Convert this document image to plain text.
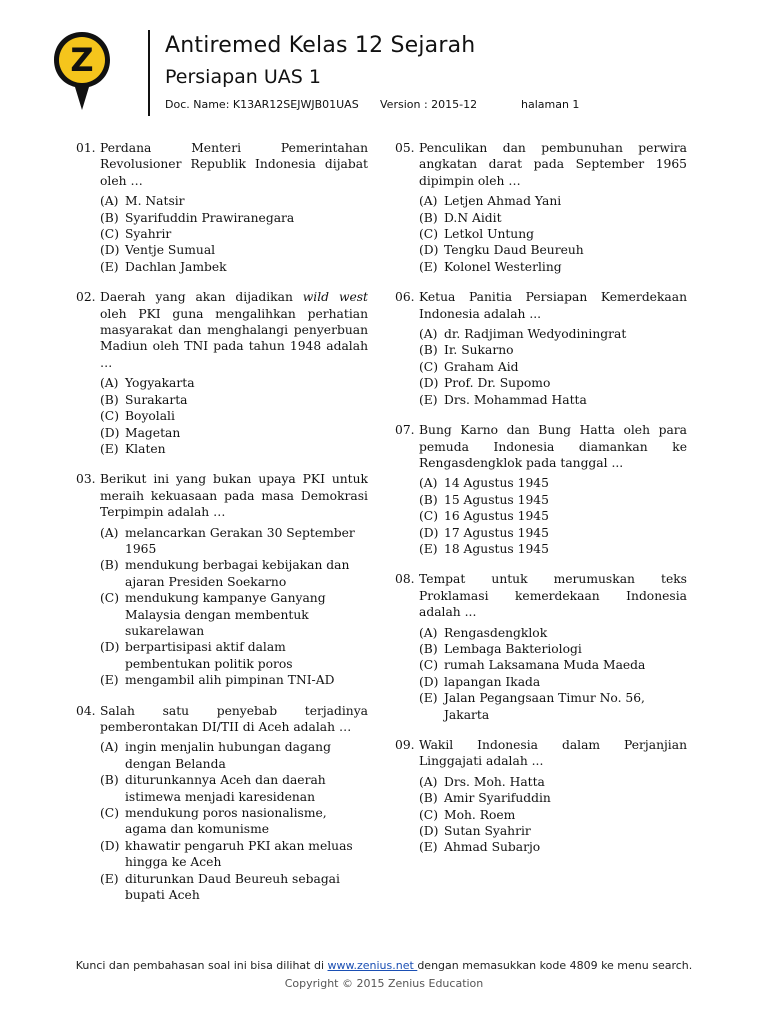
Z	Antiremed Kelas 12 Sejarah
Persiapan UAS 1
Doc. Name: K13AR12SEJWJB01UAS Version : 2015-12	halaman 1
01. Perdana Menteri Pemerintahan Revolusioner Republik Indonesia dijabat oleh …
(A) M. Natsir
(B) Syarifuddin Prawiranegara
(C) Syahrir
(D) Ventje Sumual
(E) Dachlan Jambek
02. Daerah yang akan dijadikan wild west oleh PKI guna mengalihkan perhatian masyarakat dan menghalangi penyerbuan Madiun oleh TNI pada tahun 1948 adalah …
(A) Yogyakarta
(B) Surakarta
(C) Boyolali
(D) Magetan
(E) Klaten
03. Berikut ini yang bukan upaya PKI untuk meraih kekuasaan pada masa Demokrasi Terpimpin adalah …
(A) melancarkan Gerakan 30 September 1965
(B) mendukung berbagai kebijakan dan ajaran Presiden Soekarno
(C) mendukung kampanye Ganyang Malaysia dengan membentuk sukarelawan
(D) berpartisipasi aktif dalam pembentukan politik poros
(E) mengambil alih pimpinan TNI-AD
04. Salah satu penyebab terjadinya pemberontakan DI/TII di Aceh adalah …
(A) ingin menjalin hubungan dagang dengan Belanda
(B) diturunkannya Aceh dan daerah istimewa menjadi karesidenan
(C) mendukung poros nasionalisme, agama dan komunisme
(D) khawatir pengaruh PKI akan meluas hingga ke Aceh
(E) diturunkan Daud Beureuh sebagai bupati Aceh
05. Penculikan dan pembunuhan perwira angkatan darat pada September 1965 dipimpin oleh …
(A) Letjen Ahmad Yani
(B) D.N Aidit
(C) Letkol Untung
(D) Tengku Daud Beureuh
(E) Kolonel Westerling
06. Ketua Panitia Persiapan Kemerdekaan Indonesia adalah ...
(A) dr. Radjiman Wedyodiningrat
(B) Ir. Sukarno
(C) Graham Aid
(D) Prof. Dr. Supomo
(E) Drs. Mohammad Hatta
07. Bung Karno dan Bung Hatta oleh para pemuda Indonesia diamankan ke Rengasdengklok pada tanggal ...
(A) 14 Agustus 1945
(B) 15 Agustus 1945
(C) 16 Agustus 1945
(D) 17 Agustus 1945
(E) 18 Agustus 1945
08. Tempat untuk merumuskan teks Proklamasi kemerdekaan Indonesia adalah ...
(A) Rengasdengklok
(B) Lembaga Bakteriologi
(C) rumah Laksamana Muda Maeda
(D) lapangan Ikada
(E) Jalan Pegangsaan Timur No. 56, Jakarta
09. Wakil Indonesia dalam Perjanjian Linggajati adalah ...
(A) Drs. Moh. Hatta
(B) Amir Syarifuddin
(C) Moh. Roem
(D) Sutan Syahrir
(E) Ahmad Subarjo
Kunci dan pembahasan soal ini bisa dilihat di www.zenius.net dengan memasukkan kode 4809 ke menu search.
Copyright © 2015 Zenius Education
